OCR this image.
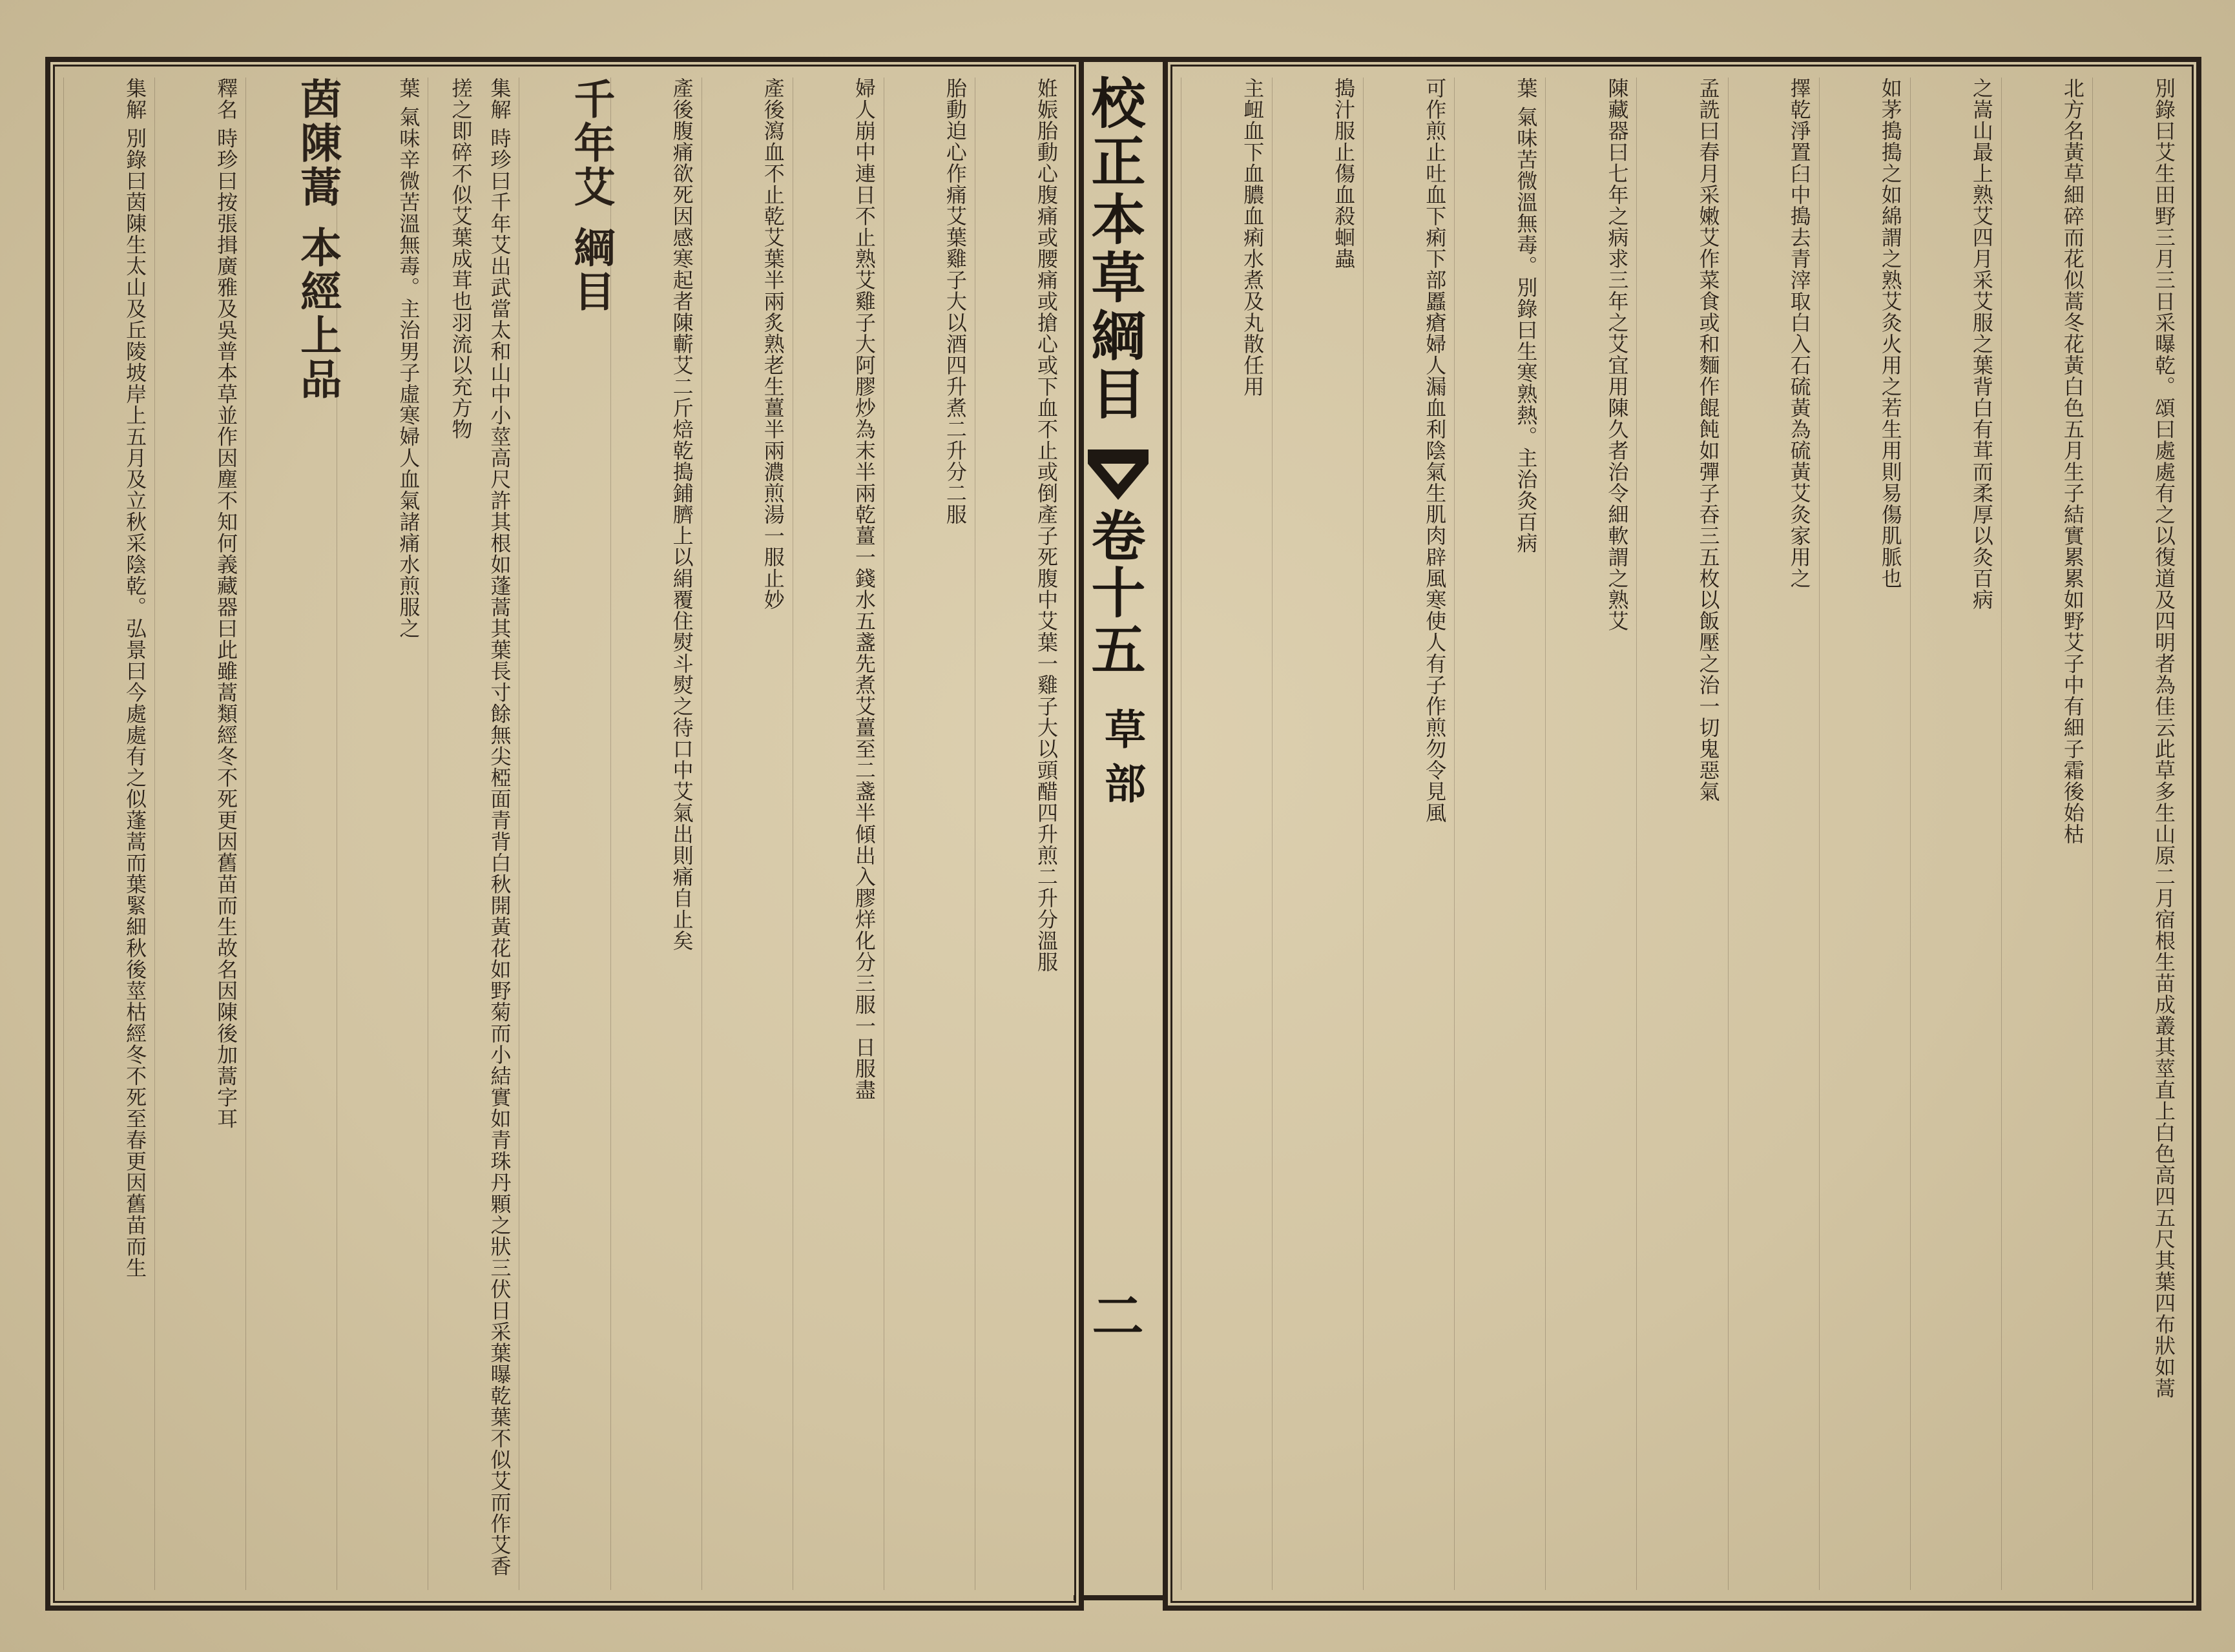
別錄曰艾生田野三月三日采曝乾。頌曰處處有之以復道及四明者為佳云此草多生山原二月宿根生苗成叢其莖直上白色高四五尺其葉四布狀如蒿
北方名黃草細碎而花似蒿冬花黃白色五月生子結實累累如野艾子中有細子霜後始枯
之嵩山最上熟艾四月采艾服之葉背白有茸而柔厚以灸百病
如茅搗搗之如綿謂之熟艾灸火用之若生用則易傷肌脈也
擇乾淨置臼中搗去青滓取白入石硫黃為硫黃艾灸家用之
孟詵曰春月采嫩艾作菜食或和麵作餛飩如彈子吞三五枚以飯壓之治一切鬼惡氣
陳藏器曰七年之病求三年之艾宜用陳久者治令細軟謂之熟艾
葉 氣味苦微溫無毒。別錄曰生寒熟熱。主治灸百病
可作煎止吐血下痢下部䘌瘡婦人漏血利陰氣生肌肉辟風寒使人有子作煎勿令見風
搗汁服止傷血殺蛔蟲
主衄血下血膿血痢水煮及丸散任用
校正本草綱目
卷十五
草部
二
姙娠胎動心腹痛或腰痛或搶心或下血不止或倒產子死腹中艾葉一雞子大以頭醋四升煎二升分溫服
胎動迫心作痛艾葉雞子大以酒四升煮二升分二服
婦人崩中連日不止熟艾雞子大阿膠炒為末半兩乾薑一錢水五盞先煮艾薑至二盞半傾出入膠烊化分三服一日服盡
產後瀉血不止乾艾葉半兩炙熟老生薑半兩濃煎湯一服止妙
產後腹痛欲死因感寒起者陳蘄艾二斤焙乾搗鋪臍上以絹覆住熨斗熨之待口中艾氣出則痛自止矣
千年艾 綱目
集解 時珍曰千年艾出武當太和山中小莖高尺許其根如蓬蒿其葉長寸餘無尖椏面青背白秋開黃花如野菊而小結實如青珠丹顆之狀三伏日采葉曝乾葉不似艾而作艾香搓之即碎不似艾葉成茸也羽流以充方物
葉 氣味辛微苦溫無毒。主治男子虛寒婦人血氣諸痛水煎服之
茵陳蒿 本經上品
釋名 時珍曰按張揖廣雅及吳普本草並作因塵不知何義藏器曰此雖蒿類經冬不死更因舊苗而生故名因陳後加蒿字耳
集解 別錄曰茵陳生太山及丘陵坡岸上五月及立秋采陰乾。弘景曰今處處有之似蓬蒿而葉緊細秋後莖枯經冬不死至春更因舊苗而生
